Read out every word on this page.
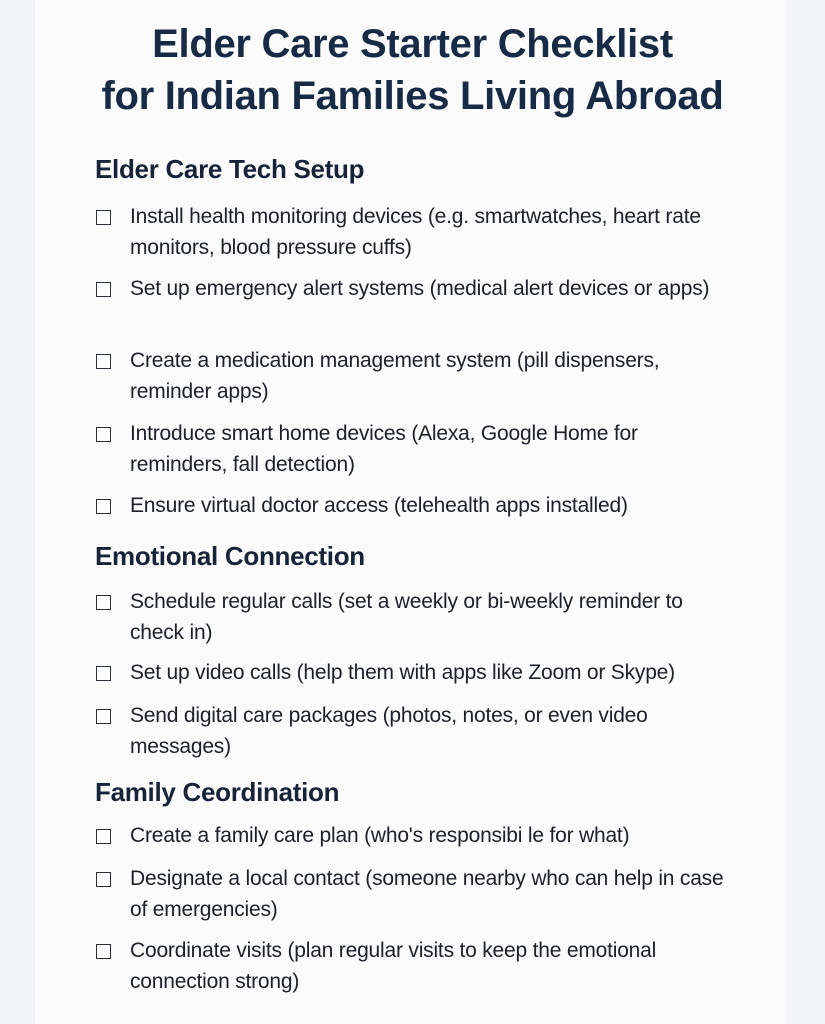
Elder Care Starter Checklist
for Indian Families Living Abroad
Elder Care Tech Setup
Install health monitoring devices (e.g. smartwatches, heart rate monitors, blood pressure cuffs)
Set up emergency alert systems (medical alert devices or apps)
Create a medication management system (pill dispensers, reminder apps)
Introduce smart home devices (Alexa, Google Home for reminders, fall detection)
Ensure virtual doctor access (telehealth apps installed)
Emotional Connection
Schedule regular calls (set a weekly or bi-weekly reminder to check in)
Set up video calls (help them with apps like Zoom or Skype)
Send digital care packages (photos, notes, or even video messages)
Family Ceordination
Create a family care plan (who's responsibi le for what)
Designate a local contact (someone nearby who can help in case of emergencies)
Coordinate visits (plan regular visits to keep the emotional connection strong)
